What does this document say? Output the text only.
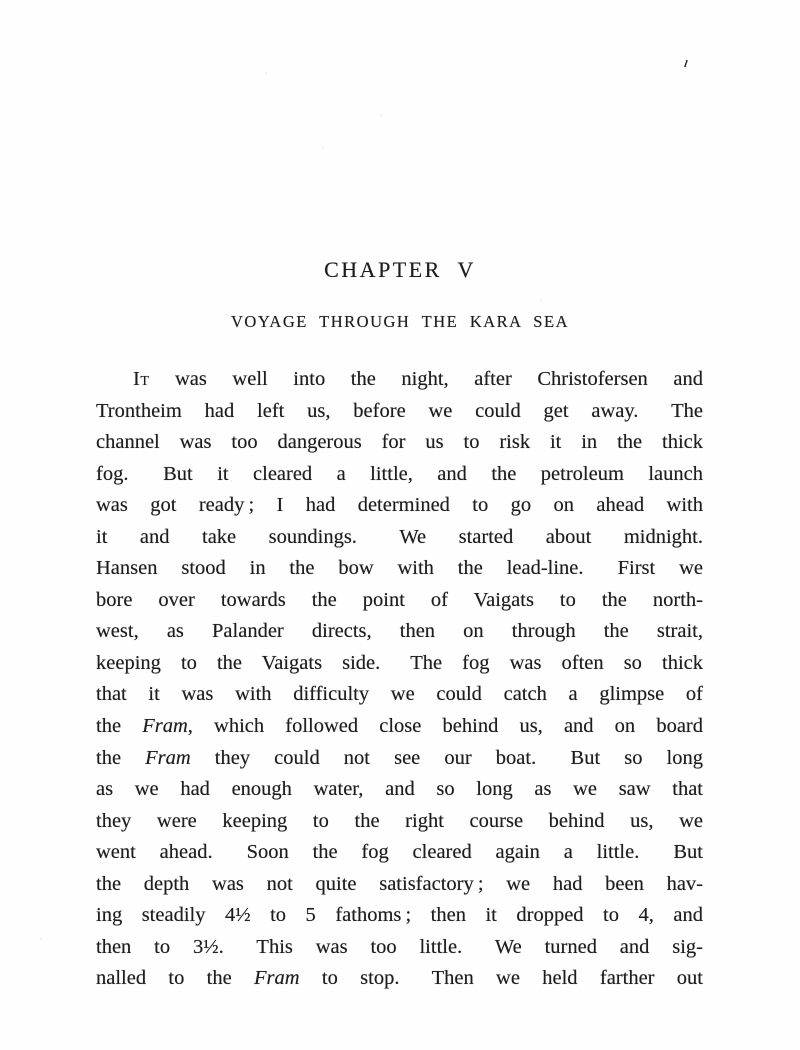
ı
CHAPTER V
VOYAGE THROUGH THE KARA SEA
It was well into the night, after Christofersen and
Trontheim had left us, before we could get away.  The
channel was too dangerous for us to risk it in the thick
fog.  But it cleared a little, and the petroleum launch
was got ready ; I had determined to go on ahead with
it and take soundings.  We started about midnight.
Hansen stood in the bow with the lead-line.  First we
bore over towards the point of Vaigats to the north-
west, as Palander directs, then on through the strait,
keeping to the Vaigats side.  The fog was often so thick
that it was with difficulty we could catch a glimpse of
the Fram, which followed close behind us, and on board
the Fram they could not see our boat.  But so long
as we had enough water, and so long as we saw that
they were keeping to the right course behind us, we
went ahead.  Soon the fog cleared again a little.  But
the depth was not quite satisfactory ; we had been hav-
ing steadily 4½ to 5 fathoms ; then it dropped to 4, and
then to 3½.  This was too little.  We turned and sig-
nalled to the Fram to stop.  Then we held farther out
